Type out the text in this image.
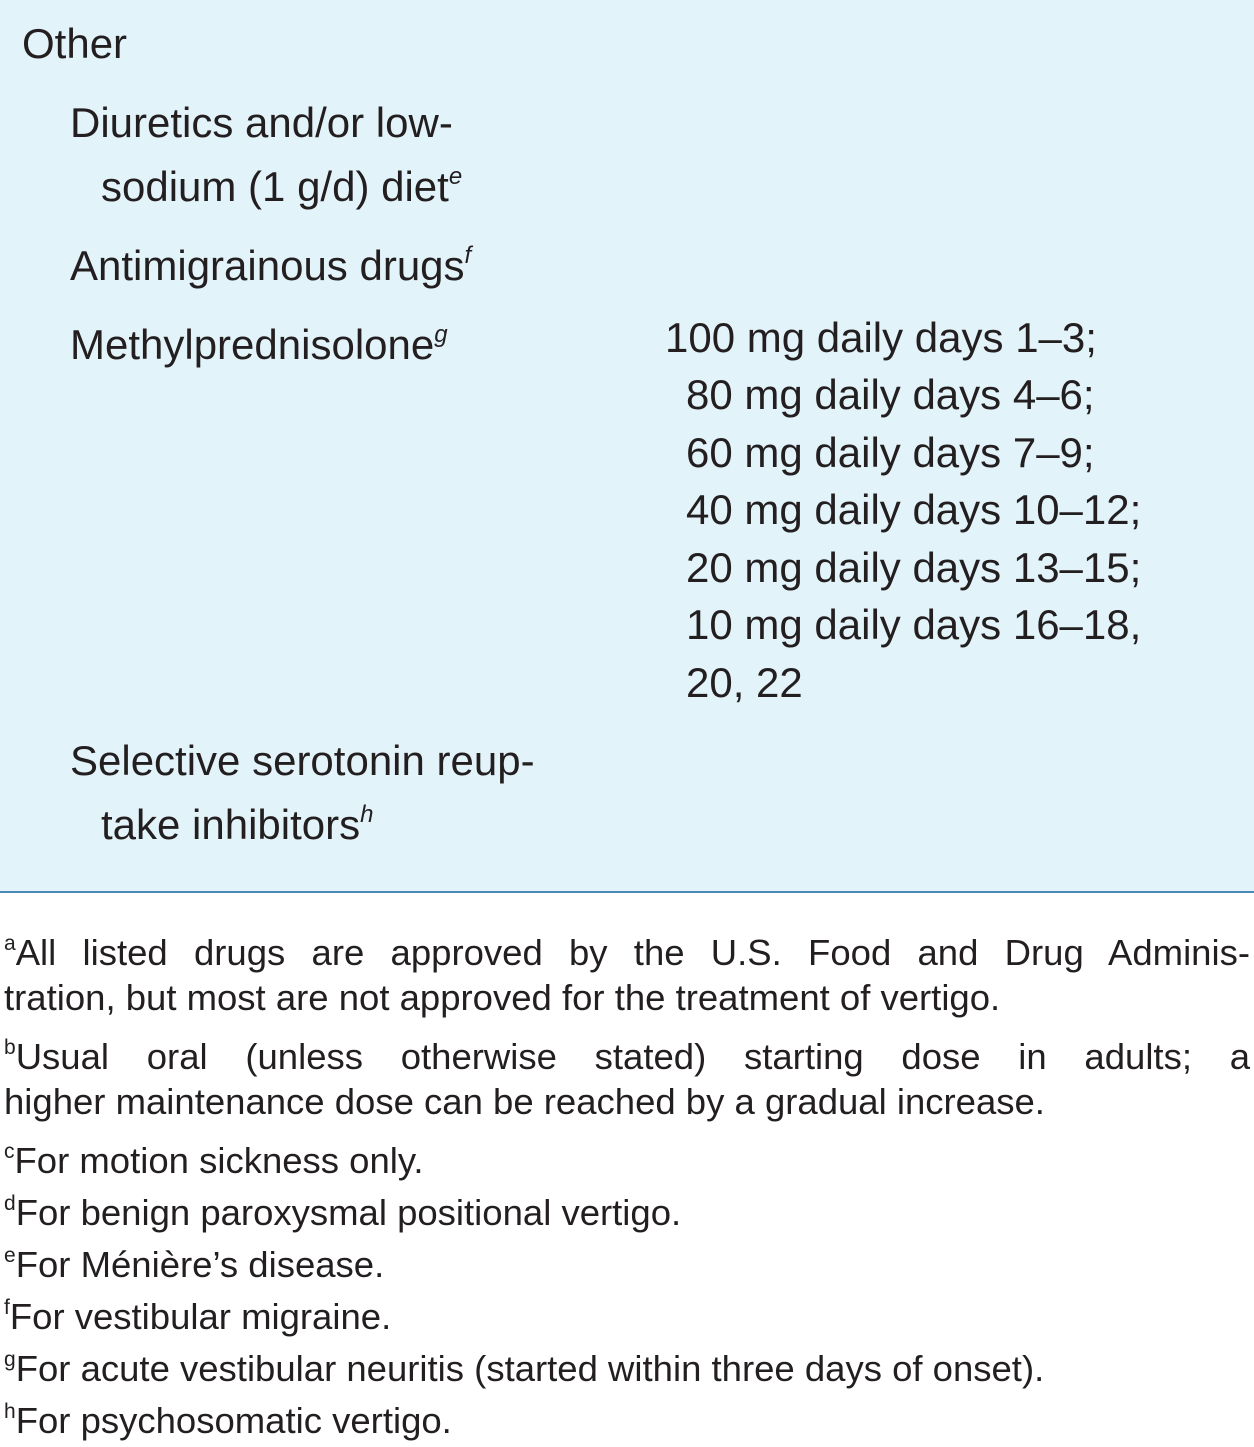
Other
Diuretics and/or low-
sodium (1 g/d) diet$^e$
Antimigrainous drugs$^f$
Methylprednisolone$^g$	100 mg daily days 1–3;
80 mg daily days 4–6;
60 mg daily days 7–9;
40 mg daily days 10–12;
20 mg daily days 13–15;
10 mg daily days 16–18,
20, 22
Selective serotonin reup-
take inhibitors$^h$
$^a$All listed drugs are approved by the U.S. Food and Drug Adminis-
tration, but most are not approved for the treatment of vertigo.
$^b$Usual oral (unless otherwise stated) starting dose in adults; a
higher maintenance dose can be reached by a gradual increase.
$^c$For motion sickness only.
$^d$For benign paroxysmal positional vertigo.
$^e$For Ménière’s disease.
$^f$For vestibular migraine.
$^g$For acute vestibular neuritis (started within three days of onset).
$^h$For psychosomatic vertigo.
